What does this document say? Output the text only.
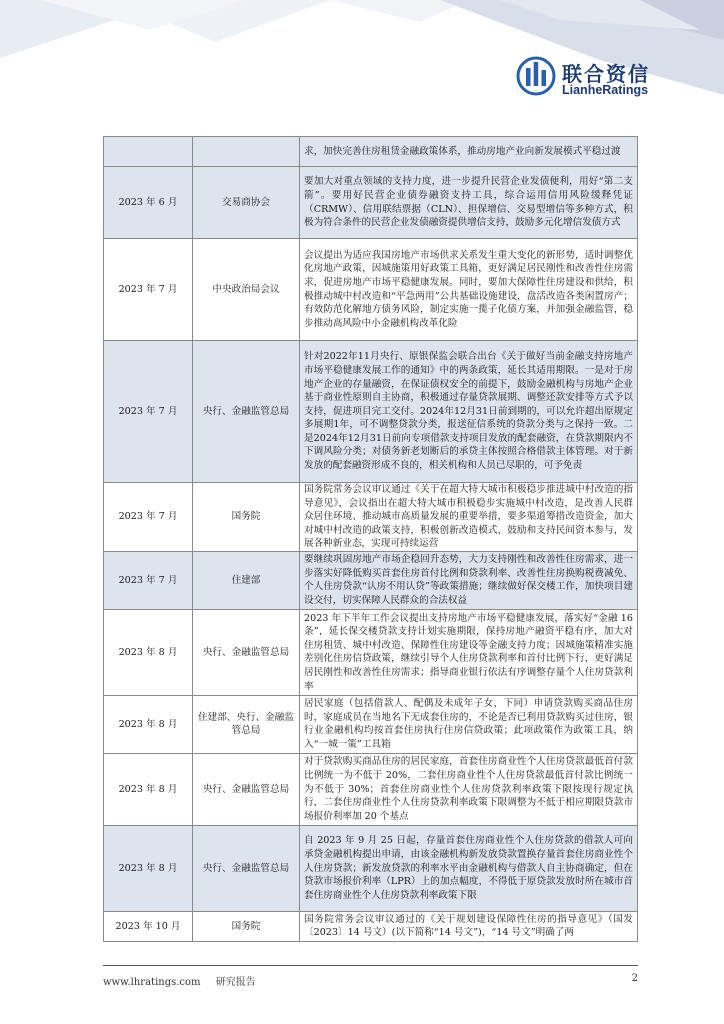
联合资信
LianheRatings
		求，加快完善住房租赁金融政策体系，推动房地产业向新发展模式平稳过渡
2023 年 6 月	交易商协会	要加大对重点领域的支持力度，进一步提升民营企业发债便利，用好“第二支箭”。要用好民营企业债券融资支持工具，综合运用信用风险缓释凭证（CRMW）、信用联结票据（CLN）、担保增信、交易型增信等多种方式，积极为符合条件的民营企业发债融资提供增信支持，鼓励多元化增信发债方式
2023 年 7 月	中央政治局会议	会议提出为适应我国房地产市场供求关系发生重大变化的新形势，适时调整优化房地产政策，因城施策用好政策工具箱，更好满足居民刚性和改善性住房需求，促进房地产市场平稳健康发展。同时，要加大保障性住房建设和供给，积极推动城中村改造和“平急两用”公共基础设施建设，盘活改造各类闲置房产；有效防范化解地方债务风险，制定实施一揽子化债方案，并加强金融监管，稳步推动高风险中小金融机构改革化险
2023 年 7 月	央行、金融监管总局	针对2022年11月央行、原银保监会联合出台《关于做好当前金融支持房地产市场平稳健康发展工作的通知》中的两条政策，延长其适用期限。一是对于房地产企业的存量融资，在保证债权安全的前提下，鼓励金融机构与房地产企业基于商业性原则自主协商，积极通过存量贷款展期、调整还款安排等方式予以支持，促进项目完工交付。2024年12月31日前到期的，可以允许超出原规定多展期1年，可不调整贷款分类，报送征信系统的贷款分类与之保持一致。二是2024年12月31日前向专项借款支持项目发放的配套融资，在贷款期限内不下调风险分类；对债务新老划断后的承贷主体按照合格借款主体管理。对于新发放的配套融资形成不良的，相关机构和人员已尽职的，可予免责
2023 年 7 月	国务院	国务院常务会议审议通过《关于在超大特大城市积极稳步推进城中村改造的指导意见》，会议指出在超大特大城市积极稳步实施城中村改造，是改善人民群众居住环境、推动城市高质量发展的重要举措，要多渠道筹措改造资金，加大对城中村改造的政策支持，积极创新改造模式，鼓励和支持民间资本参与，发展各种新业态，实现可持续运营
2023 年 7 月	住建部	要继续巩固房地产市场企稳回升态势，大力支持刚性和改善性住房需求，进一步落实好降低购买首套住房首付比例和贷款利率、改善性住房换购税费减免、个人住房贷款“认房不用认贷”等政策措施；继续做好保交楼工作，加快项目建设交付，切实保障人民群众的合法权益
2023 年 8 月	央行、金融监管总局	2023 年下半年工作会议提出支持房地产市场平稳健康发展，落实好“金融 16 条”，延长保交楼贷款支持计划实施期限，保持房地产融资平稳有序，加大对住房租赁、城中村改造、保障性住房建设等金融支持力度；因城施策精准实施差别化住房信贷政策，继续引导个人住房贷款利率和首付比例下行，更好满足居民刚性和改善性住房需求；指导商业银行依法有序调整存量个人住房贷款利率
2023 年 8 月	住建部、央行、金融监管总局	居民家庭（包括借款人、配偶及未成年子女，下同）申请贷款购买商品住房时，家庭成员在当地名下无成套住房的，不论是否已利用贷款购买过住房，银行业金融机构均按首套住房执行住房信贷政策；此项政策作为政策工具，纳入“一城一策”工具箱
2023 年 8 月	央行、金融监管总局	对于贷款购买商品住房的居民家庭，首套住房商业性个人住房贷款最低首付款比例统一为不低于 20%，二套住房商业性个人住房贷款最低首付款比例统一为不低于 30%；首套住房商业性个人住房贷款利率政策下限按现行规定执行，二套住房商业性个人住房贷款利率政策下限调整为不低于相应期限贷款市场报价利率加 20 个基点
2023 年 8 月	央行、金融监管总局	自 2023 年 9 月 25 日起，存量首套住房商业性个人住房贷款的借款人可向承贷金融机构提出申请，由该金融机构新发放贷款置换存量首套住房商业性个人住房贷款；新发放贷款的利率水平由金融机构与借款人自主协商确定，但在贷款市场报价利率（LPR）上的加点幅度，不得低于原贷款发放时所在城市首套住房商业性个人住房贷款利率政策下限
2023 年 10 月	国务院	国务院常务会议审议通过的《关于规划建设保障性住房的指导意见》（国发〔2023〕14 号文）(以下简称“14 号文”)，“14 号文”明确了两
www.lhratings.com 研究报告	2
